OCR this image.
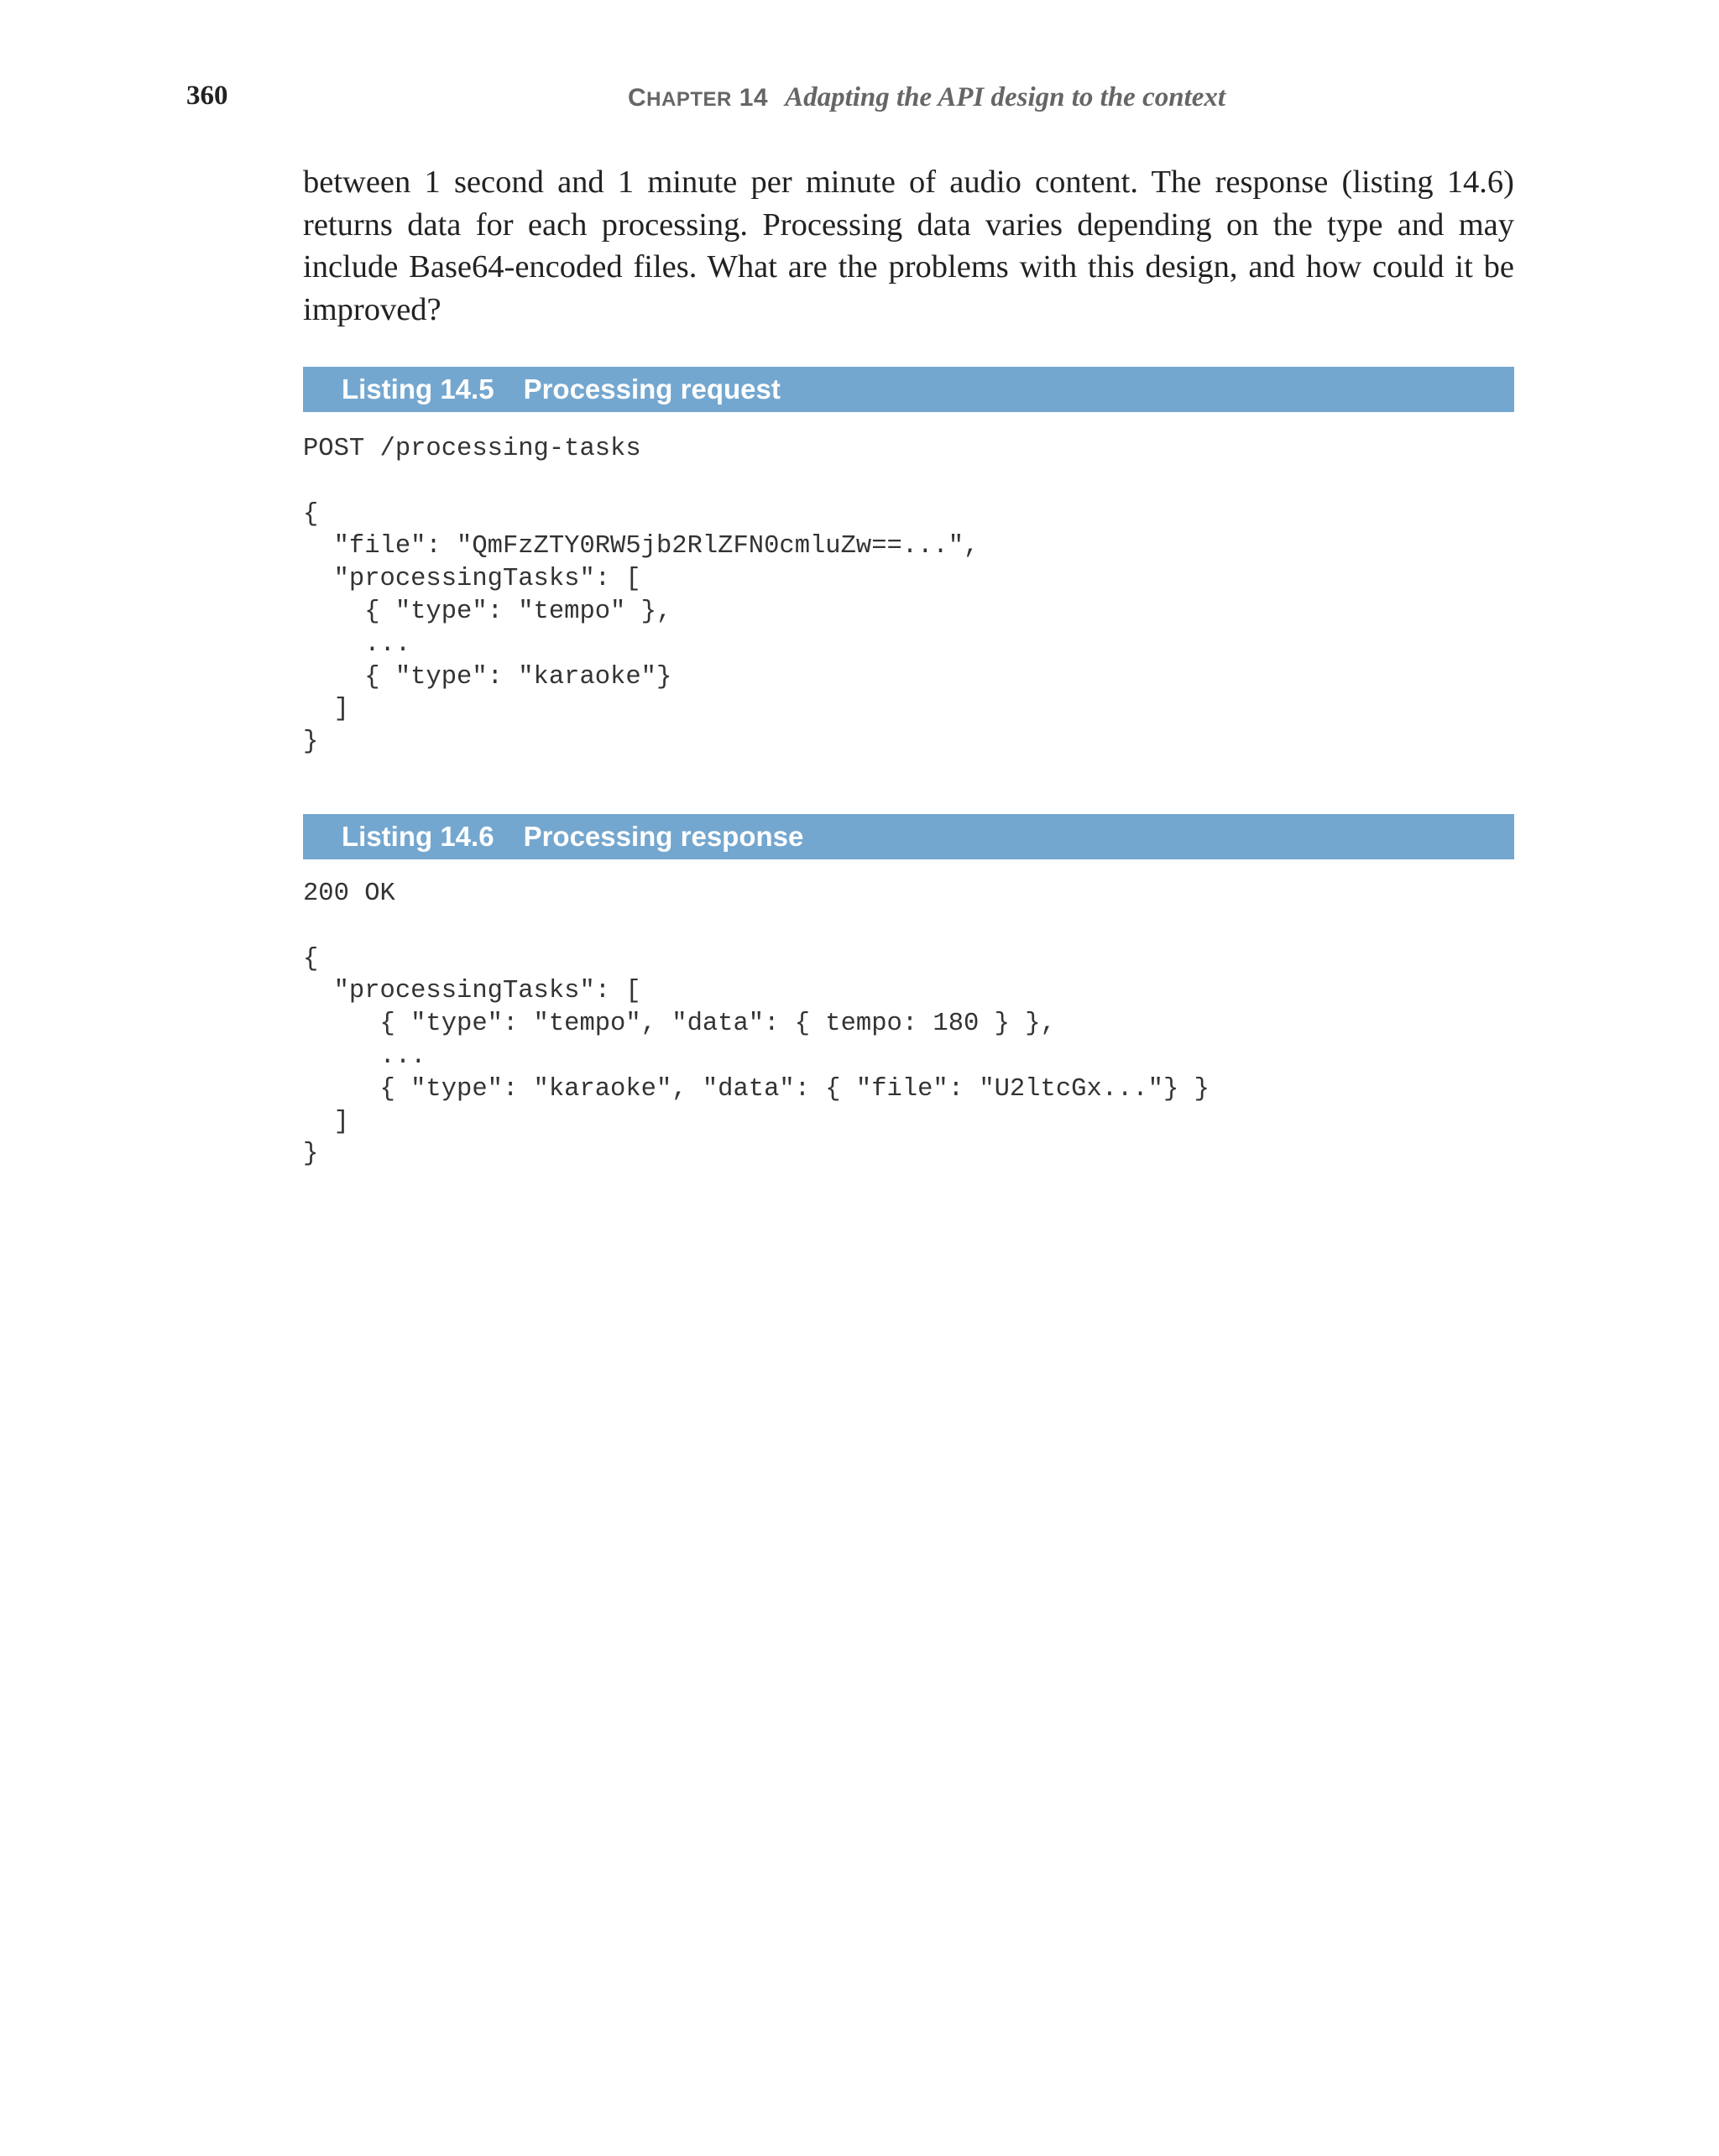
360	CHAPTER 14 Adapting the API design to the context

between 1 second and 1 minute per minute of audio content. The response (listing 14.6) returns data for each processing. Processing data varies depending on the type and may include Base64-encoded files. What are the problems with this design, and how could it be improved?

Listing 14.5 Processing request
POST /processing-tasks

{
"file": "QmFzZTY0RW5jb2RlZFN0cmluZw==...",
"processingTasks": [
{ "type": "tempo" },
...
{ "type": "karaoke"}
]
}
Listing 14.6 Processing response
200 OK

{
"processingTasks": [
{ "type": "tempo", "data": { tempo: 180 } },
...
{ "type": "karaoke", "data": { "file": "U2ltcGx..."} }
]
}
